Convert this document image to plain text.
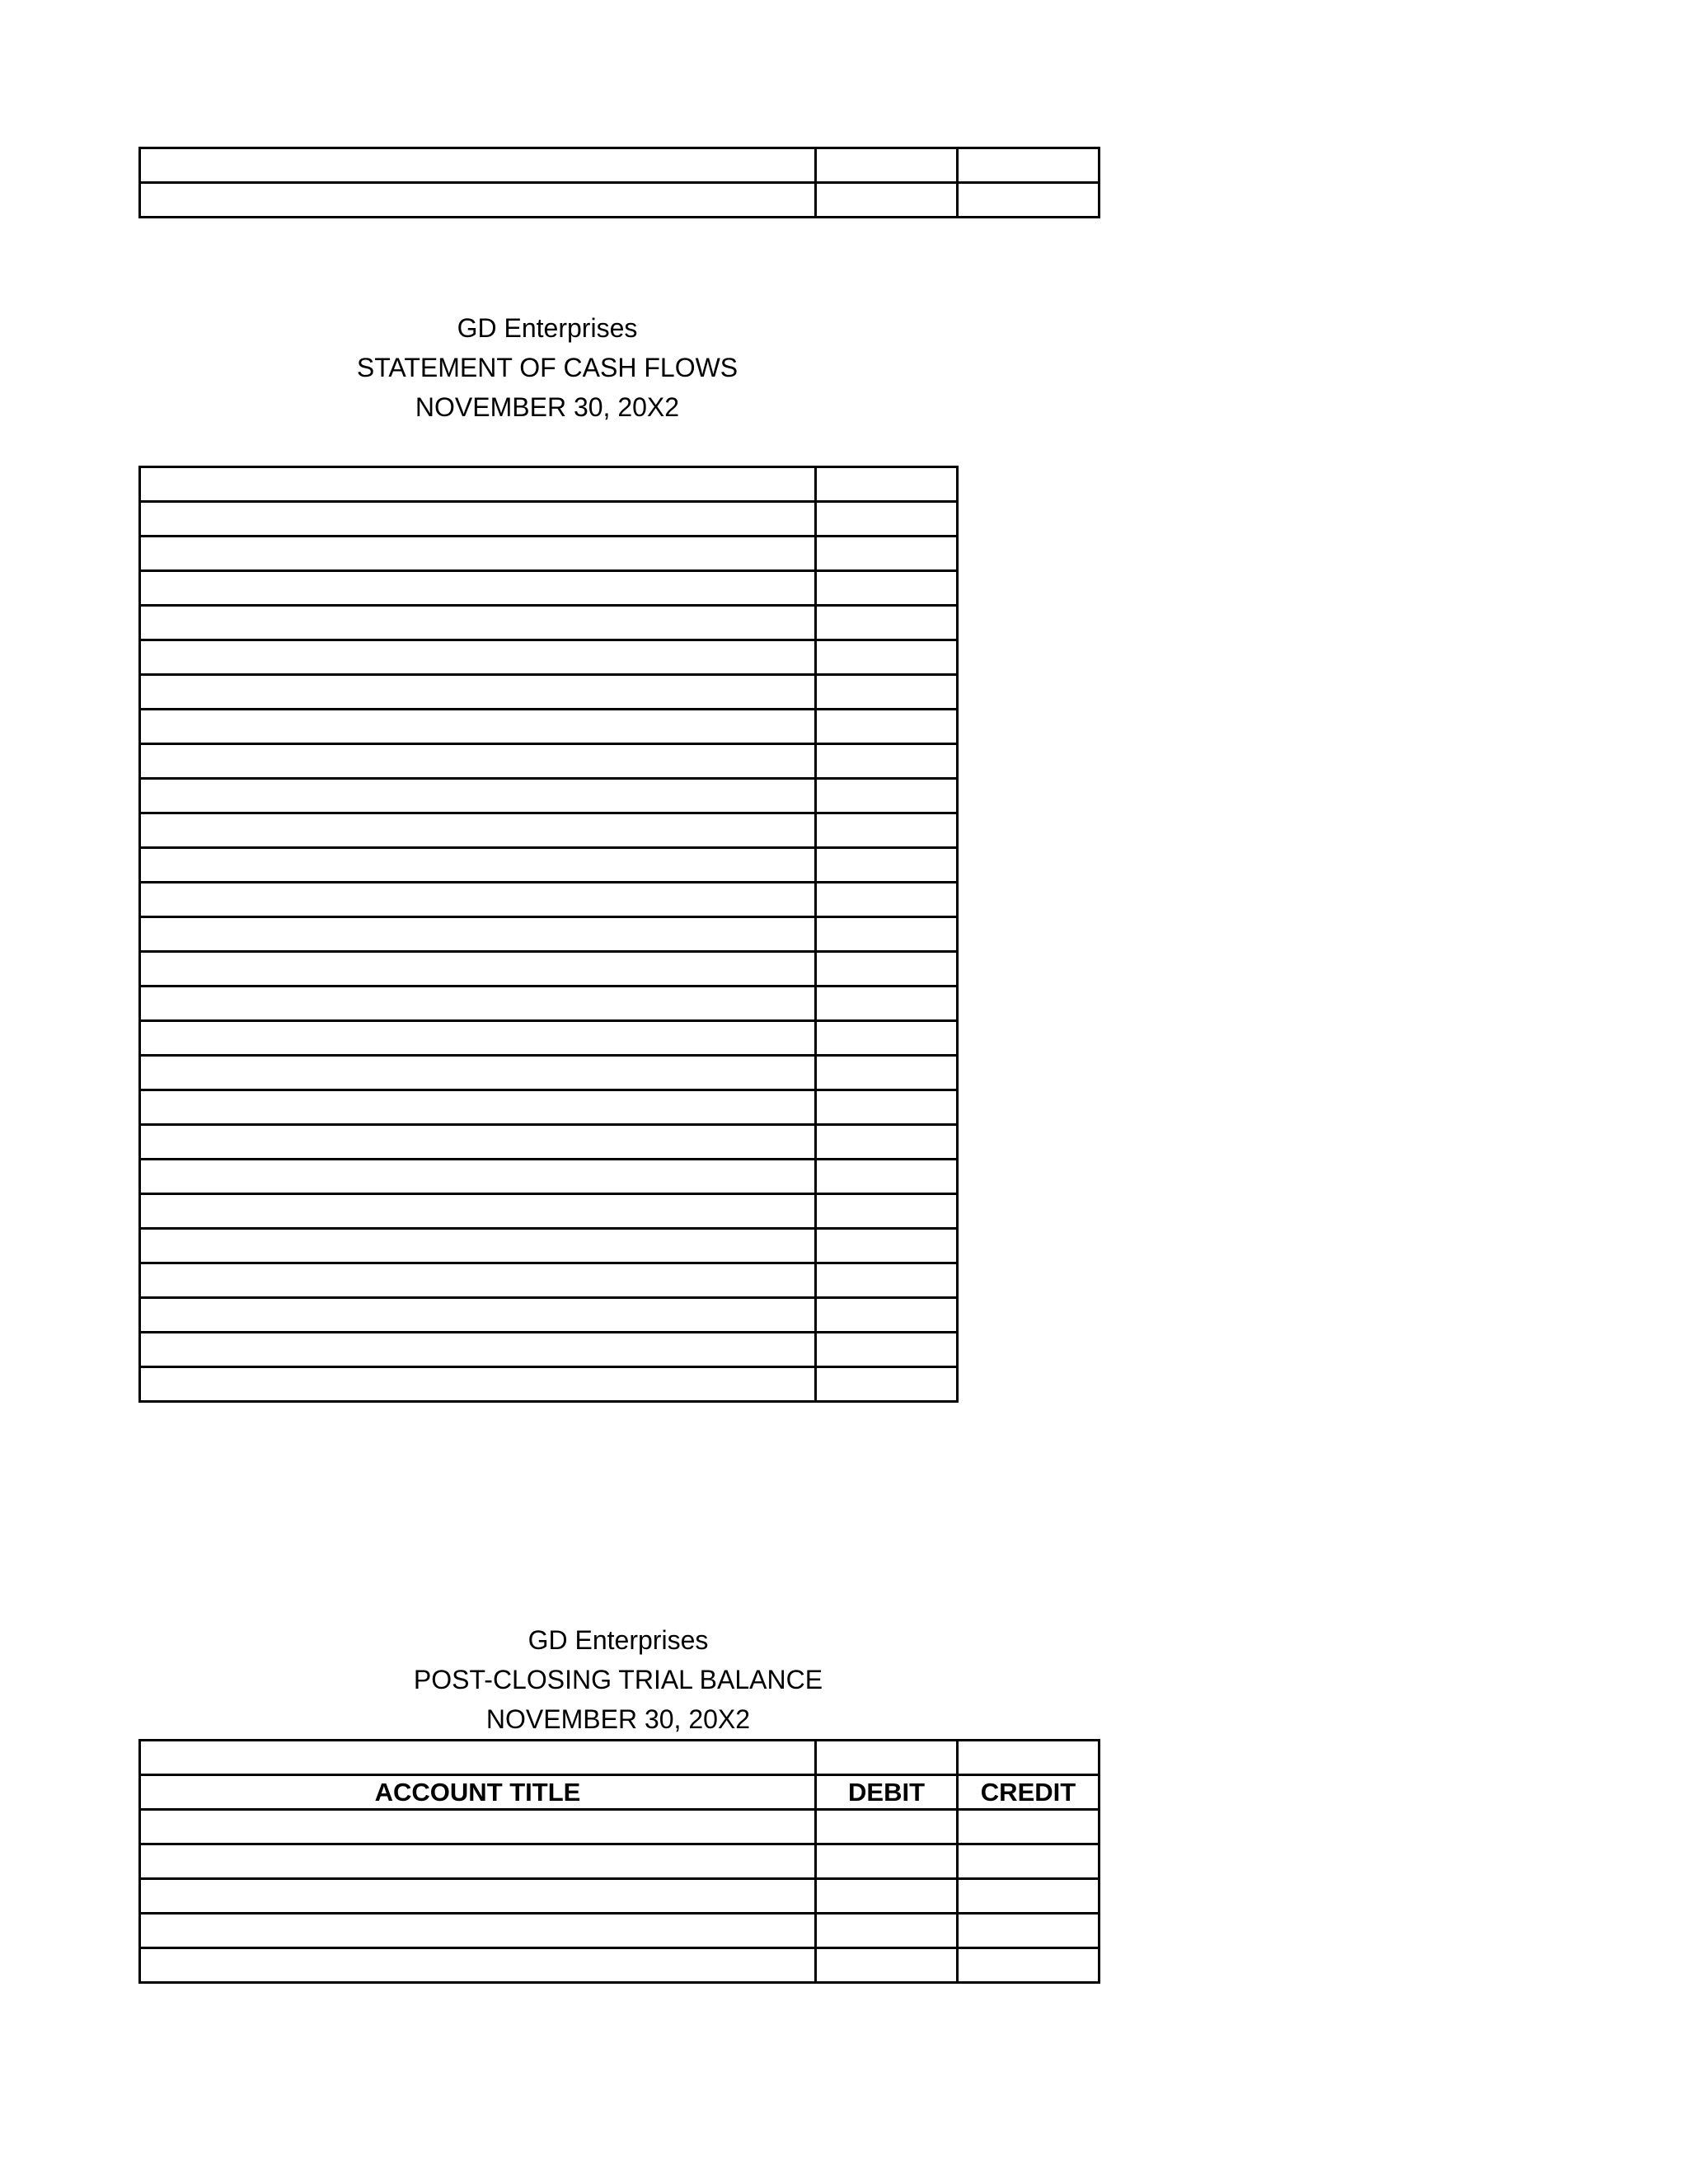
GD Enterprises
STATEMENT OF CASH FLOWS
NOVEMBER 30, 20X2

GD Enterprises
POST-CLOSING TRIAL BALANCE
NOVEMBER 30, 20X2

ACCOUNT TITLE	DEBIT	CREDIT
